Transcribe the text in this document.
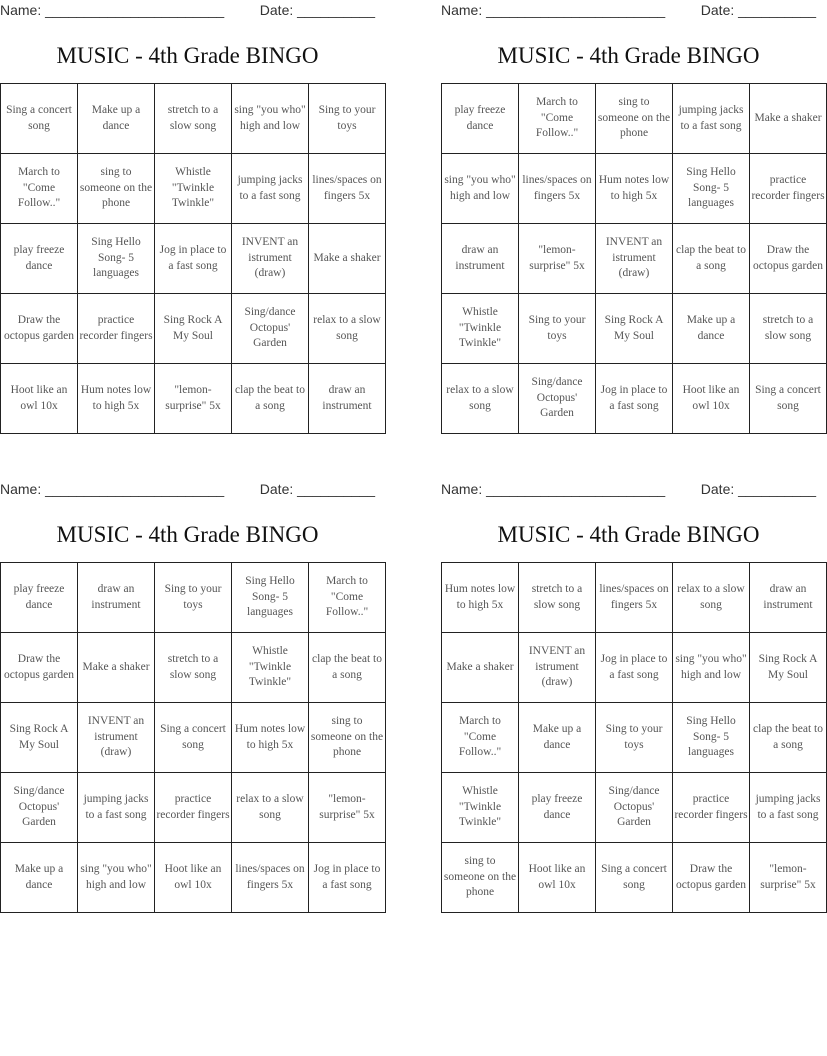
Name: _______________________	Date: __________
MUSIC - 4th Grade BINGO
Sing a concert song	Make up a dance	stretch to a slow song	sing "you who" high and low	Sing to your toys
March to "Come Follow.."	sing to someone on the phone	Whistle "Twinkle Twinkle"	jumping jacks to a fast song	lines/spaces on fingers 5x
play freeze dance	Sing Hello Song- 5 languages	Jog in place to a fast song	INVENT an istrument (draw)	Make a shaker
Draw the octopus garden	practice recorder fingers	Sing Rock A My Soul	Sing/dance Octopus' Garden	relax to a slow song
Hoot like an owl 10x	Hum notes low to high 5x	"lemon-surprise" 5x	clap the beat to a song	draw an instrument
Name: _______________________	Date: __________
MUSIC - 4th Grade BINGO
play freeze dance	March to "Come Follow.."	sing to someone on the phone	jumping jacks to a fast song	Make a shaker
sing "you who" high and low	lines/spaces on fingers 5x	Hum notes low to high 5x	Sing Hello Song- 5 languages	practice recorder fingers
draw an instrument	"lemon-surprise" 5x	INVENT an istrument (draw)	clap the beat to a song	Draw the octopus garden
Whistle "Twinkle Twinkle"	Sing to your toys	Sing Rock A My Soul	Make up a dance	stretch to a slow song
relax to a slow song	Sing/dance Octopus' Garden	Jog in place to a fast song	Hoot like an owl 10x	Sing a concert song
Name: _______________________	Date: __________
MUSIC - 4th Grade BINGO
play freeze dance	draw an instrument	Sing to your toys	Sing Hello Song- 5 languages	March to "Come Follow.."
Draw the octopus garden	Make a shaker	stretch to a slow song	Whistle "Twinkle Twinkle"	clap the beat to a song
Sing Rock A My Soul	INVENT an istrument (draw)	Sing a concert song	Hum notes low to high 5x	sing to someone on the phone
Sing/dance Octopus' Garden	jumping jacks to a fast song	practice recorder fingers	relax to a slow song	"lemon-surprise" 5x
Make up a dance	sing "you who" high and low	Hoot like an owl 10x	lines/spaces on fingers 5x	Jog in place to a fast song
Name: _______________________	Date: __________
MUSIC - 4th Grade BINGO
Hum notes low to high 5x	stretch to a slow song	lines/spaces on fingers 5x	relax to a slow song	draw an instrument
Make a shaker	INVENT an istrument (draw)	Jog in place to a fast song	sing "you who" high and low	Sing Rock A My Soul
March to "Come Follow.."	Make up a dance	Sing to your toys	Sing Hello Song- 5 languages	clap the beat to a song
Whistle "Twinkle Twinkle"	play freeze dance	Sing/dance Octopus' Garden	practice recorder fingers	jumping jacks to a fast song
sing to someone on the phone	Hoot like an owl 10x	Sing a concert song	Draw the octopus garden	"lemon-surprise" 5x
